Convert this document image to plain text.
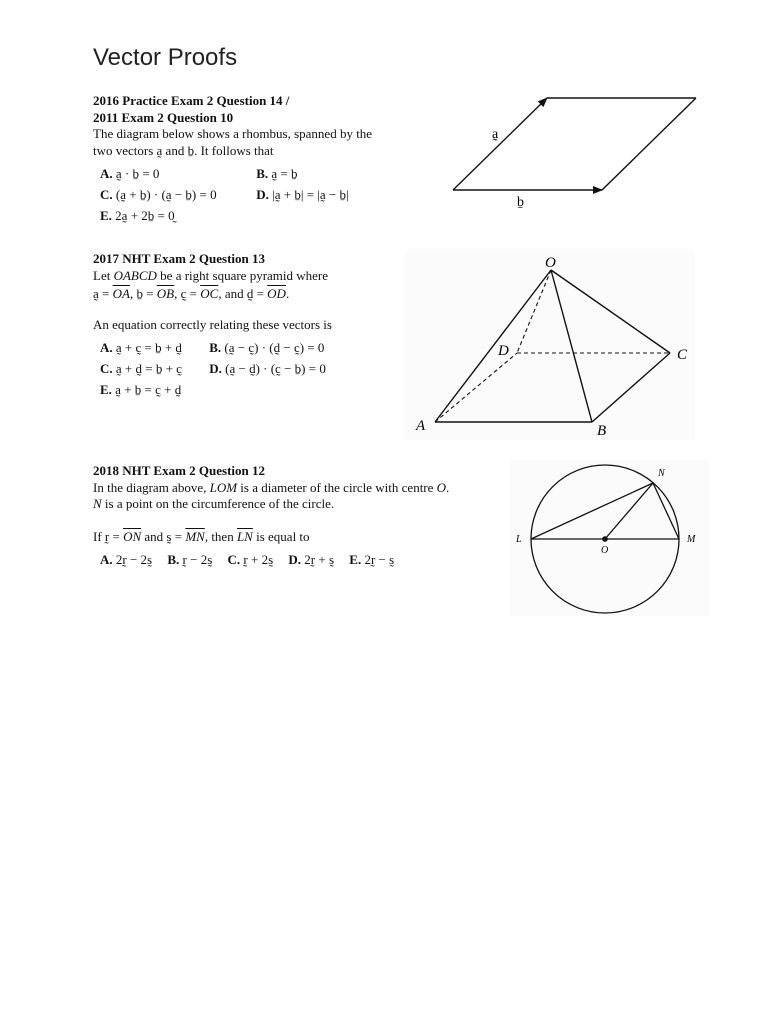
Vector Proofs
2016 Practice Exam 2 Question 14 /
2011 Exam 2 Question 10
The diagram below shows a rhombus, spanned by the
two vectors a̰ and ḇ. It follows that
A. a̰ · ḇ = 0	B. a̰ = ḇ
C. (a̰ + ḇ) · (a̰ − ḇ) = 0	D. |a̰ + ḇ| = |a̰ − ḇ|
E. 2a̰ + 2ḇ = 0̰
a̰
ḇ
2017 NHT Exam 2 Question 13
Let OABCD be a right square pyramid where
a̰ = $\overline{OA}$, ḇ = $\overline{OB}$, c̰ = $\overline{OC}$, and d̰ = $\overline{OD}$.
An equation correctly relating these vectors is
A. a̰ + c̰ = ḇ + d̰ B. (a̰ − c̰) · (d̰ − c̰) = 0
C. a̰ + d̰ = ḇ + c̰ D. (a̰ − d̰) · (c̰ − ḇ) = 0
E. a̰ + ḇ = c̰ + d̰
O
A	B
C
D
2018 NHT Exam 2 Question 12
In the diagram above, LOM is a diameter of the circle with centre O.
N is a point on the circumference of the circle.
If r̰ = $\overline{ON}$ and s̰ = $\overline{MN}$, then $\overline{LN}$ is equal to
A. 2r̰ − 2s̰ B. r̰ − 2s̰ C. r̰ + 2s̰ D. 2r̰ + s̰ E. 2r̰ − s̰
L	M
O
N
